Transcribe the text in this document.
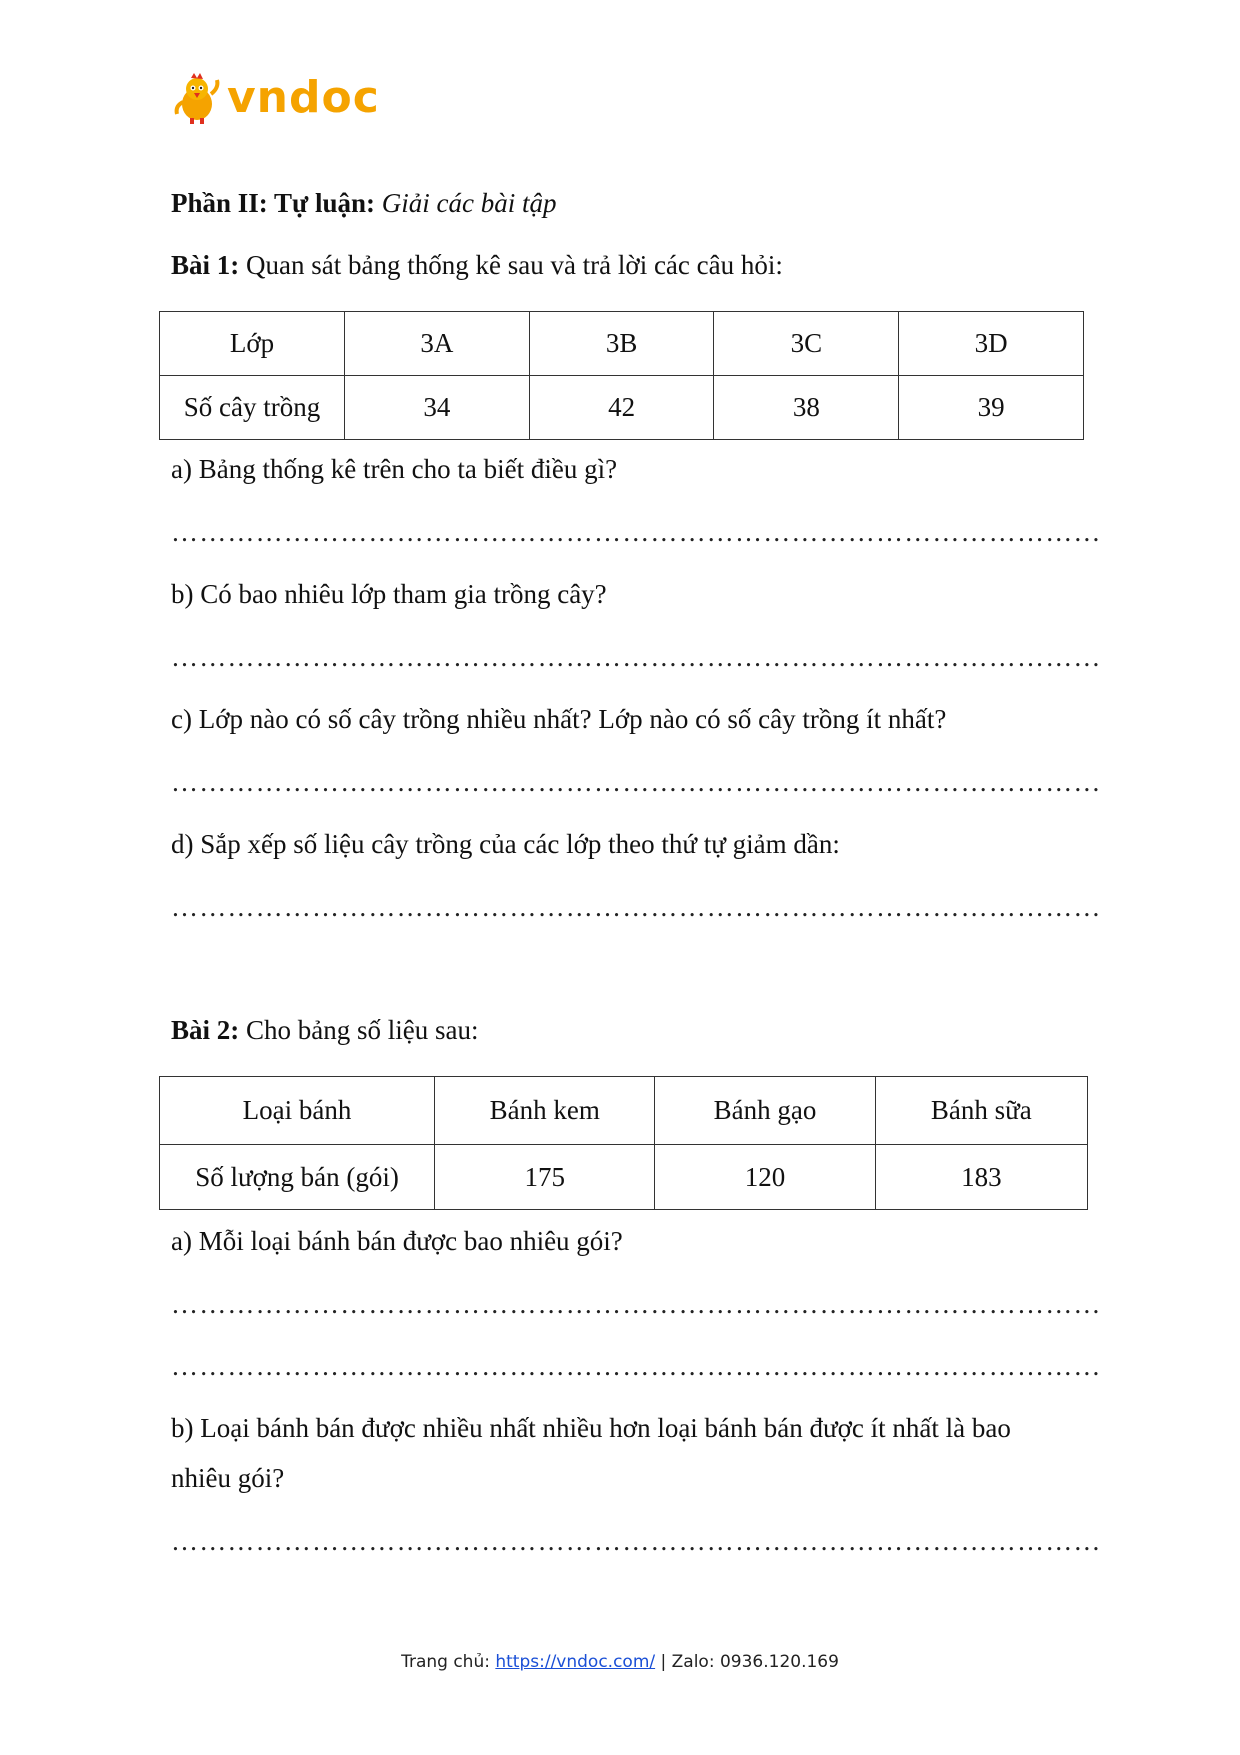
vndoc
Phần II: Tự luận: Giải các bài tập
Bài 1: Quan sát bảng thống kê sau và trả lời các câu hỏi:
Lớp	3A	3B	3C	3D
Số cây trồng	34	42	38	39
a) Bảng thống kê trên cho ta biết điều gì?
………………………………………………………………………………………
b) Có bao nhiêu lớp tham gia trồng cây?
………………………………………………………………………………………
c) Lớp nào có số cây trồng nhiều nhất? Lớp nào có số cây trồng ít nhất?
………………………………………………………………………………………
d) Sắp xếp số liệu cây trồng của các lớp theo thứ tự giảm dần:
………………………………………………………………………………………
Bài 2: Cho bảng số liệu sau:
Loại bánh	Bánh kem	Bánh gạo	Bánh sữa
Số lượng bán (gói)	175	120	183
a) Mỗi loại bánh bán được bao nhiêu gói?
………………………………………………………………………………………
………………………………………………………………………………………
b) Loại bánh bán được nhiều nhất nhiều hơn loại bánh bán được ít nhất là bao
nhiêu gói?
………………………………………………………………………………………
Trang chủ: https://vndoc.com/ | Zalo: 0936.120.169
